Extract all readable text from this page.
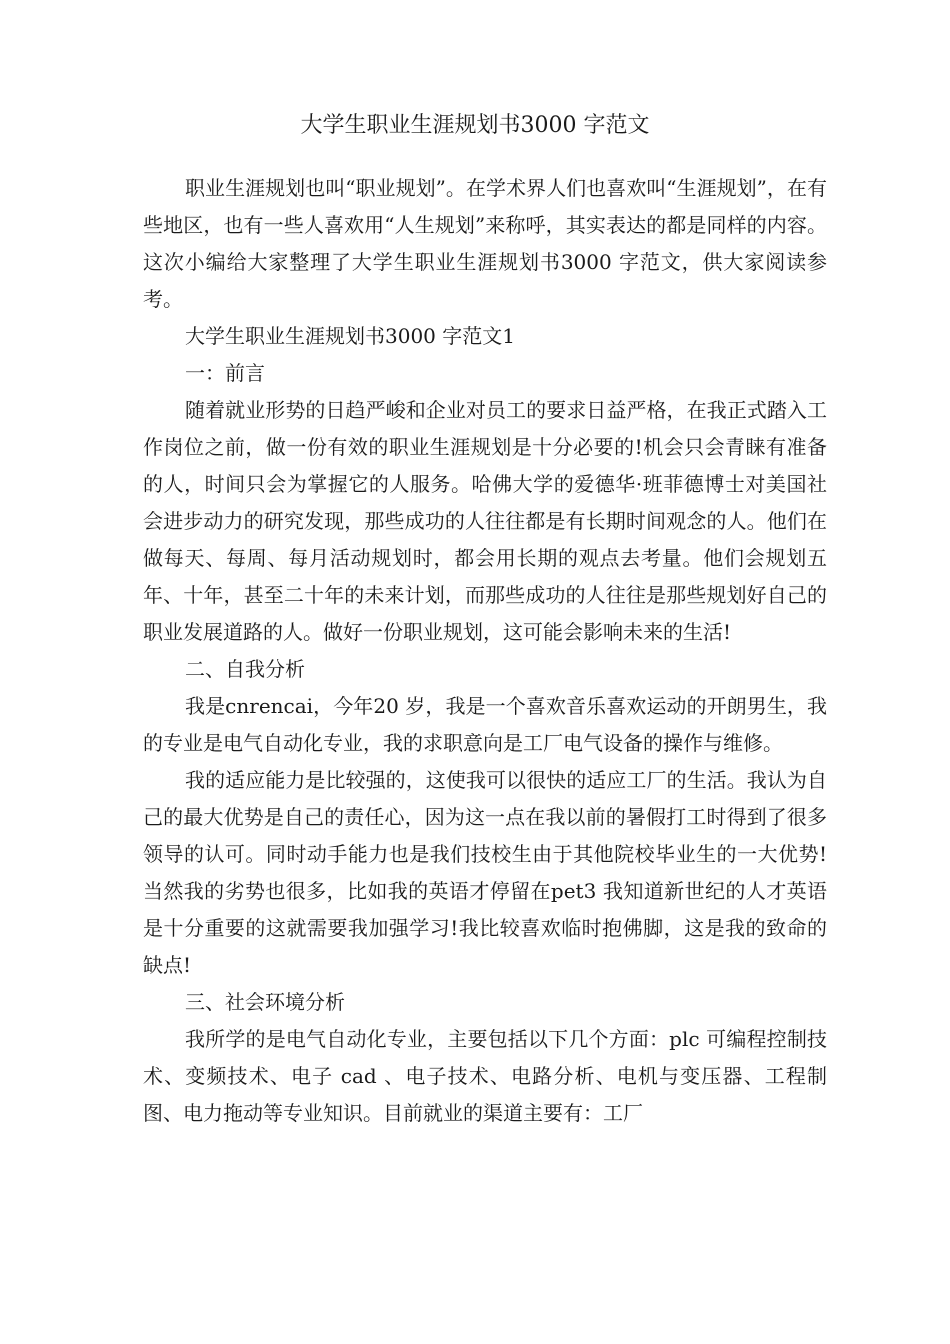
大学生职业生涯规划书3000 字范文

职业生涯规划也叫“职业规划”。在学术界人们也喜欢叫“生涯规划”，在有些地区，也有一些人喜欢用“人生规划”来称呼，其实表达的都是同样的内容。这次小编给大家整理了大学生职业生涯规划书3000 字范文，供大家阅读参考。

大学生职业生涯规划书3000 字范文1

一：前言

随着就业形势的日趋严峻和企业对员工的要求日益严格，在我正式踏入工作岗位之前，做一份有效的职业生涯规划是十分必要的!机会只会青睐有准备的人，时间只会为掌握它的人服务。哈佛大学的爱德华·班菲德博士对美国社会进步动力的研究发现，那些成功的人往往都是有长期时间观念的人。他们在做每天、每周、每月活动规划时，都会用长期的观点去考量。他们会规划五年、十年，甚至二十年的未来计划，而那些成功的人往往是那些规划好自己的职业发展道路的人。做好一份职业规划，这可能会影响未来的生活!

二、自我分析

我是cnrencai，今年20 岁，我是一个喜欢音乐喜欢运动的开朗男生，我的专业是电气自动化专业，我的求职意向是工厂电气设备的操作与维修。

我的适应能力是比较强的，这使我可以很快的适应工厂的生活。我认为自己的最大优势是自己的责任心，因为这一点在我以前的暑假打工时得到了很多领导的认可。同时动手能力也是我们技校生由于其他院校毕业生的一大优势!当然我的劣势也很多，比如我的英语才停留在pet3 我知道新世纪的人才英语是十分重要的这就需要我加强学习!我比较喜欢临时抱佛脚，这是我的致命的缺点!

三、社会环境分析

我所学的是电气自动化专业，主要包括以下几个方面：plc 可编程控制技术、变频技术、电子 cad 、电子技术、电路分析、电机与变压器、工程制图、电力拖动等专业知识。目前就业的渠道主要有：工厂
